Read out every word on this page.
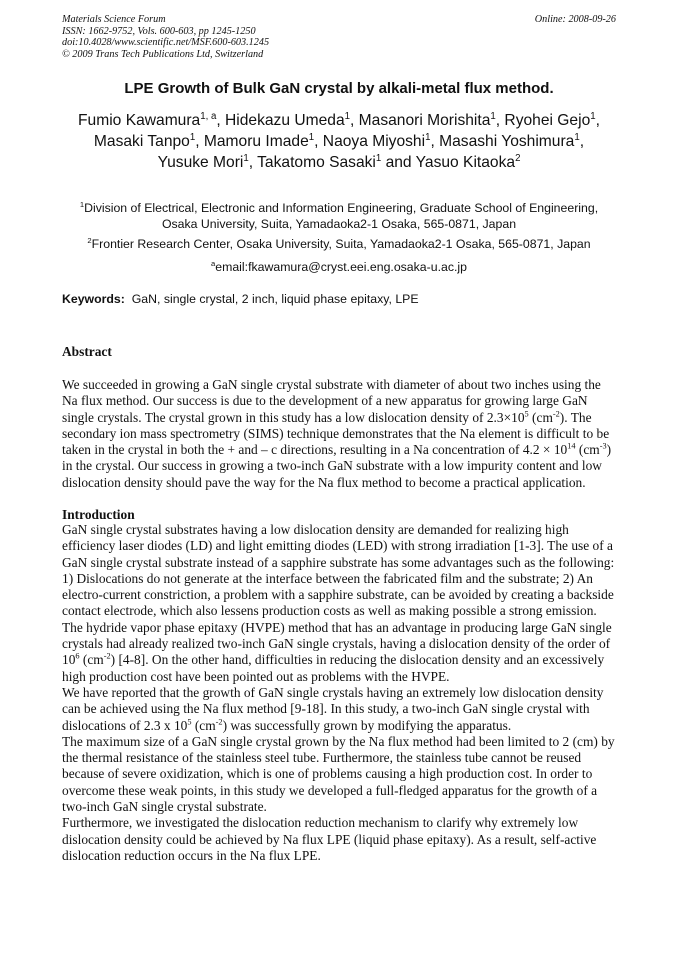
Materials Science Forum
ISSN: 1662-9752, Vols. 600-603, pp 1245-1250
doi:10.4028/www.scientific.net/MSF.600-603.1245
© 2009 Trans Tech Publications Ltd, Switzerland
Online: 2008-09-26
LPE Growth of Bulk GaN crystal by alkali-metal flux method.
Fumio Kawamura$^{1, a}$, Hidekazu Umeda$^1$, Masanori Morishita$^1$, Ryohei Gejo$^1$,
Masaki Tanpo$^1$, Mamoru Imade$^1$, Naoya Miyoshi$^1$, Masashi Yoshimura$^1$,
Yusuke Mori$^1$, Takatomo Sasaki$^1$ and Yasuo Kitaoka$^2$
$^1$Division of Electrical, Electronic and Information Engineering, Graduate School of Engineering,
Osaka University, Suita, Yamadaoka2-1 Osaka, 565-0871, Japan
$^2$Frontier Research Center, Osaka University, Suita, Yamadaoka2-1 Osaka, 565-0871, Japan
$^a$email:fkawamura@cryst.eei.eng.osaka-u.ac.jp
Keywords: GaN, single crystal, 2 inch, liquid phase epitaxy, LPE
Abstract

We succeeded in growing a GaN single crystal substrate with diameter of about two inches using the Na flux method. Our success is due to the development of a new apparatus for growing large GaN single crystals. The crystal grown in this study has a low dislocation density of $2.3\times 10^5$ $(cm^{-2})$. The secondary ion mass spectrometry (SIMS) technique demonstrates that the Na element is difficult to be taken in the crystal in both the + and – c directions, resulting in a Na concentration of $4.2 \times 10^{14}$ $(cm^{-3})$ in the crystal. Our success in growing a two-inch GaN substrate with a low impurity content and low dislocation density should pave the way for the Na flux method to become a practical application.

Introduction

GaN single crystal substrates having a low dislocation density are demanded for realizing high efficiency laser diodes (LD) and light emitting diodes (LED) with strong irradiation [1-3]. The use of a GaN single crystal substrate instead of a sapphire substrate has some advantages such as the following: 1) Dislocations do not generate at the interface between the fabricated film and the substrate; 2) An electro-current constriction, a problem with a sapphire substrate, can be avoided by creating a backside contact electrode, which also lessens production costs as well as making possible a strong emission.

The hydride vapor phase epitaxy (HVPE) method that has an advantage in producing large GaN single crystals had already realized two-inch GaN single crystals, having a dislocation density of the order of $10^6$ $(cm^{-2})$ [4-8]. On the other hand, difficulties in reducing the dislocation density and an excessively high production cost have been pointed out as problems with the HVPE.

We have reported that the growth of GaN single crystals having an extremely low dislocation density can be achieved using the Na flux method [9-18]. In this study, a two-inch GaN single crystal with dislocations of 2.3 x $10^5$ $(cm^{-2})$ was successfully grown by modifying the apparatus.

The maximum size of a GaN single crystal grown by the Na flux method had been limited to 2 (cm) by the thermal resistance of the stainless steel tube. Furthermore, the stainless tube cannot be reused because of severe oxidization, which is one of problems causing a high production cost. In order to overcome these weak points, in this study we developed a full-fledged apparatus for the growth of a two-inch GaN single crystal substrate.

Furthermore, we investigated the dislocation reduction mechanism to clarify why extremely low dislocation density could be achieved by Na flux LPE (liquid phase epitaxy). As a result, self-active dislocation reduction occurs in the Na flux LPE.
